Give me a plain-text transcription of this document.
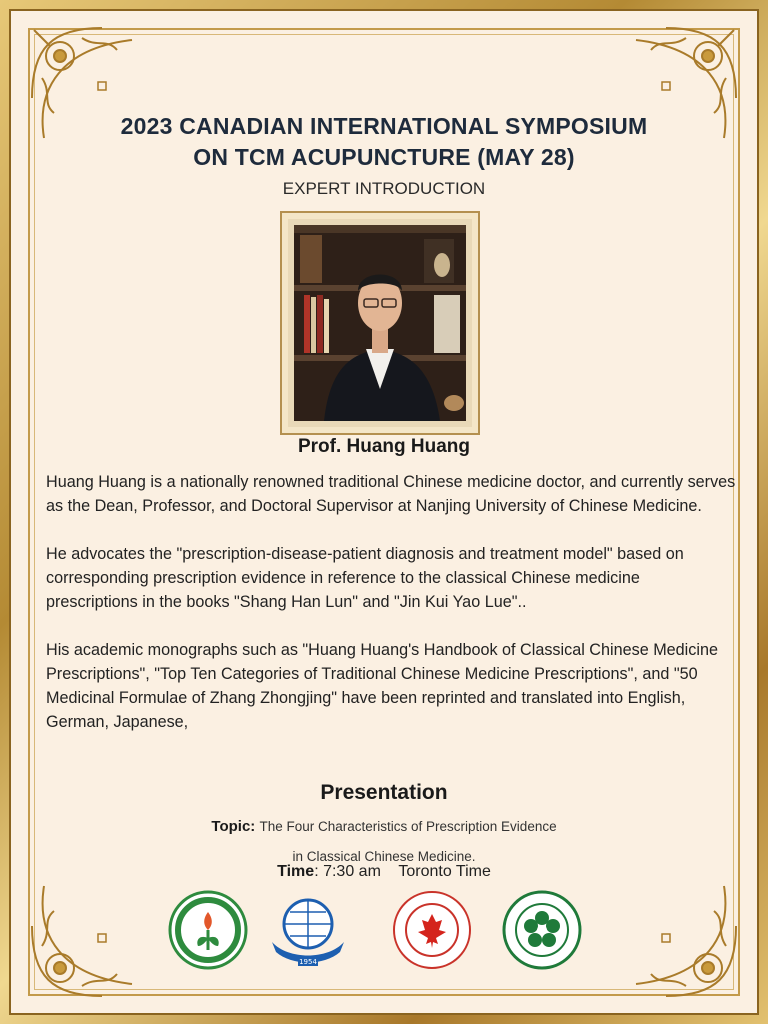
2023 CANADIAN INTERNATIONAL SYMPOSIUM
ON TCM ACUPUNCTURE (MAY 28)
EXPERT INTRODUCTION
Prof. Huang Huang

Huang Huang is a nationally renowned traditional Chinese medicine doctor, and currently serves as the Dean, Professor, and Doctoral Supervisor at Nanjing University of Chinese Medicine.

He advocates the "prescription-disease-patient diagnosis and treatment model" based on corresponding prescription evidence in reference to the classical Chinese medicine prescriptions in the books "Shang Han Lun" and "Jin Kui Yao Lue"..

His academic monographs such as "Huang Huang's Handbook of Classical Chinese Medicine Prescriptions", "Top Ten Categories of Traditional Chinese Medicine Prescriptions", and "50 Medicinal Formulae of Zhang Zhongjing" have been reprinted and translated into English, German, Japanese,

Presentation
Topic: The Four Characteristics of Prescription Evidence
in Classical Chinese Medicine.
Time: 7:30 am Toronto Time
1954
